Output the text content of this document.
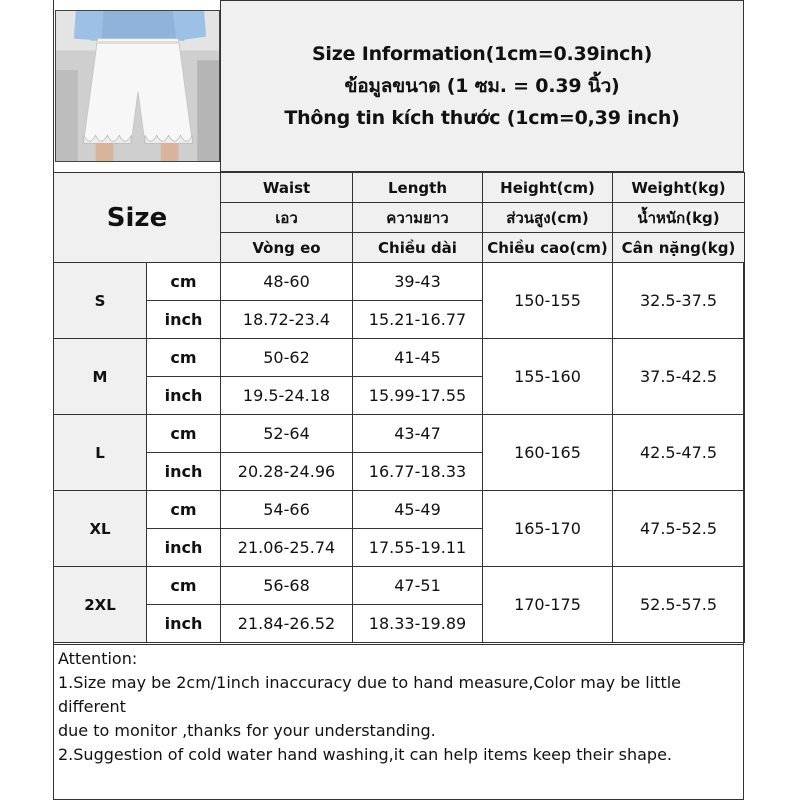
Size Information(1cm=0.39inch)
ข้อมูลขนาด (1 ซม. = 0.39 นิ้ว)
Thông tin kích thước (1cm=0,39 inch)
Size		Waist	Length	Height(cm)	Weight(kg)
		เอว	ความยาว	ส่วนสูง(cm)	น้ำหนัก(kg)
		Vòng eo	Chiều dài	Chiều cao(cm)	Cân nặng(kg)
S	cm	48-60	39-43	150-155	32.5-37.5
	inch	18.72-23.4	15.21-16.77		
M	cm	50-62	41-45	155-160	37.5-42.5
	inch	19.5-24.18	15.99-17.55		
L	cm	52-64	43-47	160-165	42.5-47.5
	inch	20.28-24.96	16.77-18.33		
XL	cm	54-66	45-49	165-170	47.5-52.5
	inch	21.06-25.74	17.55-19.11		
2XL	cm	56-68	47-51	170-175	52.5-57.5
	inch	21.84-26.52	18.33-19.89		

Attention:

1.Size may be 2cm/1inch inaccuracy due to hand measure,Color may be little different

due to monitor ,thanks for your understanding.

2.Suggestion of cold water hand washing,it can help items keep their shape.
